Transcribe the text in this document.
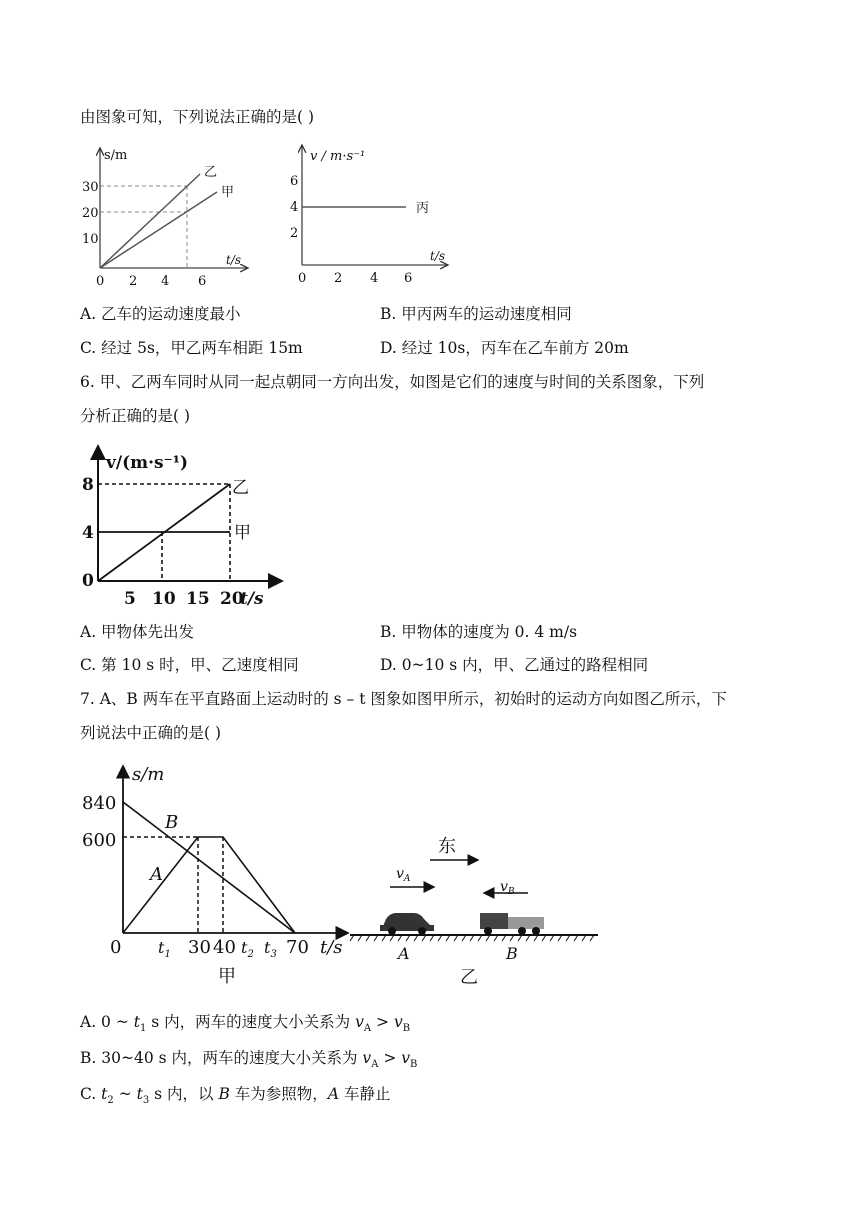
由图象可知，下列说法正确的是( )
s/m
t/s
30
20
10
0 2 4 6
乙
甲
v / m·s⁻¹
t/s
6
4
2
0 2 4 6
丙
A. 乙车的运动速度最小	B. 甲丙两车的运动速度相同
C. 经过 5s，甲乙两车相距 15m	D. 经过 10s，丙车在乙车前方 20m
6. 甲、乙两车同时从同一起点朝同一方向出发，如图是它们的速度与时间的关系图象，下列
分析正确的是( )
v/(m·s⁻¹)
8
4
0
乙
甲
5 10 15 20
t/s
A. 甲物体先出发	B. 甲物体的速度为 0. 4 m/s
C. 第 10 s 时，甲、乙速度相同	D. 0~10 s 内，甲、乙通过的路程相同
7. A、B 两车在平直路面上运动时的 s – t 图象如图甲所示，初始时的运动方向如图乙所示，下
列说法中正确的是( )
s/m
840
600
0
B
A
$t_1$ 30 40 $t_2$ $t_3$ 70 t/s
甲
东
$v_A$	$v_B$
A	B
乙
A. 0 ~ $t_1$ s 内，两车的速度大小关系为 $v_A > v_B$
B. 30~40 s 内，两车的速度大小关系为 $v_A > v_B$
C. $t_2$ ~ $t_3$ s 内，以 B 车为参照物，A 车静止
